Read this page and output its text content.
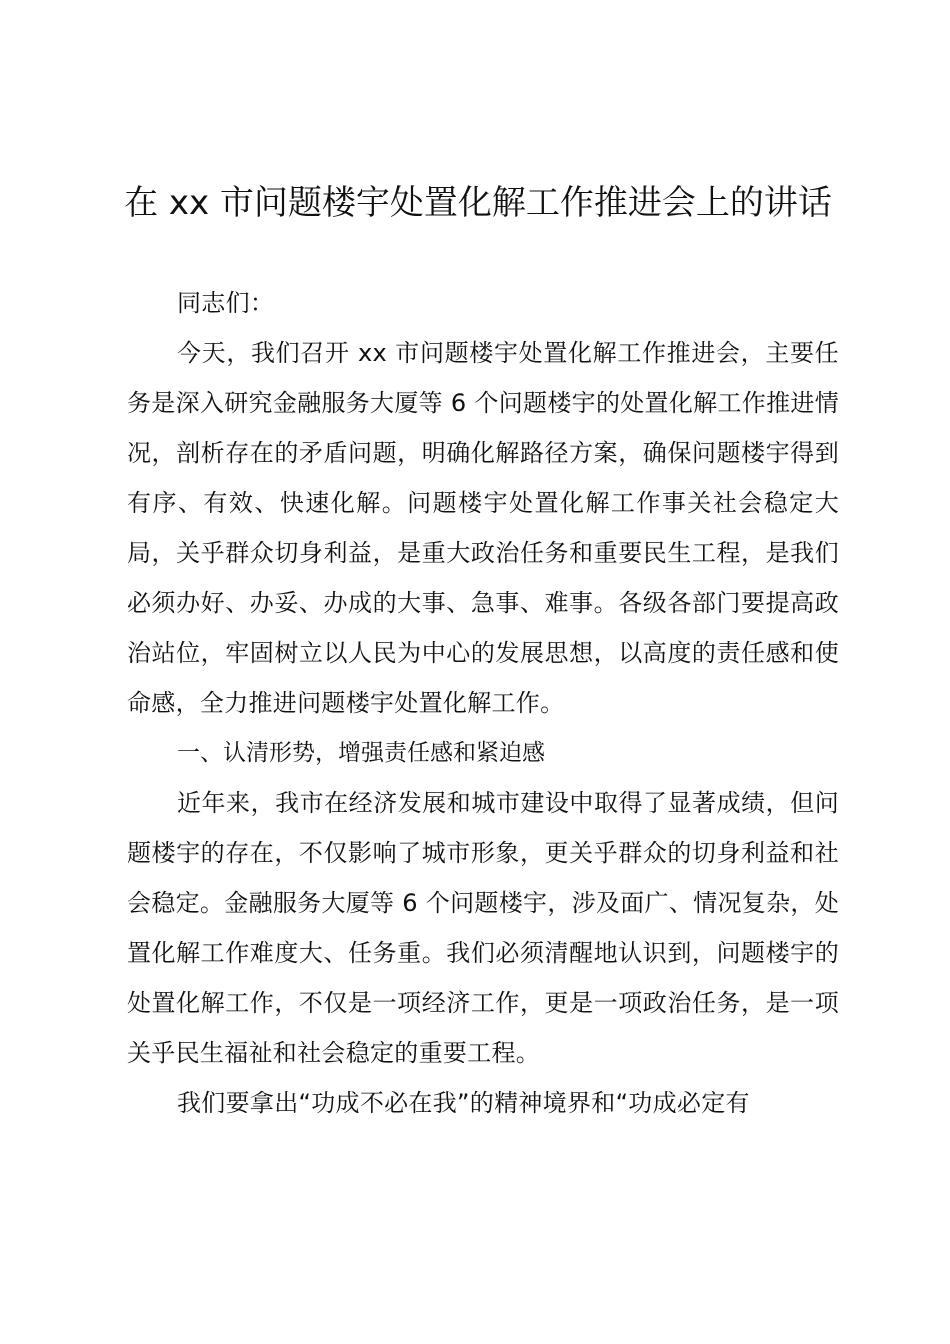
在 xx 市问题楼宇处置化解工作推进会上的讲话

同志们：

今天，我们召开 xx 市问题楼宇处置化解工作推进会，主要任务是深入研究金融服务大厦等 6 个问题楼宇的处置化解工作推进情况，剖析存在的矛盾问题，明确化解路径方案，确保问题楼宇得到有序、有效、快速化解。问题楼宇处置化解工作事关社会稳定大局，关乎群众切身利益，是重大政治任务和重要民生工程，是我们必须办好、办妥、办成的大事、急事、难事。各级各部门要提高政治站位，牢固树立以人民为中心的发展思想，以高度的责任感和使命感，全力推进问题楼宇处置化解工作。

一、认清形势，增强责任感和紧迫感

近年来，我市在经济发展和城市建设中取得了显著成绩，但问题楼宇的存在，不仅影响了城市形象，更关乎群众的切身利益和社会稳定。金融服务大厦等 6 个问题楼宇，涉及面广、情况复杂，处置化解工作难度大、任务重。我们必须清醒地认识到，问题楼宇的处置化解工作，不仅是一项经济工作，更是一项政治任务，是一项关乎民生福祉和社会稳定的重要工程。

我们要拿出“功成不必在我”的精神境界和“功成必定有
